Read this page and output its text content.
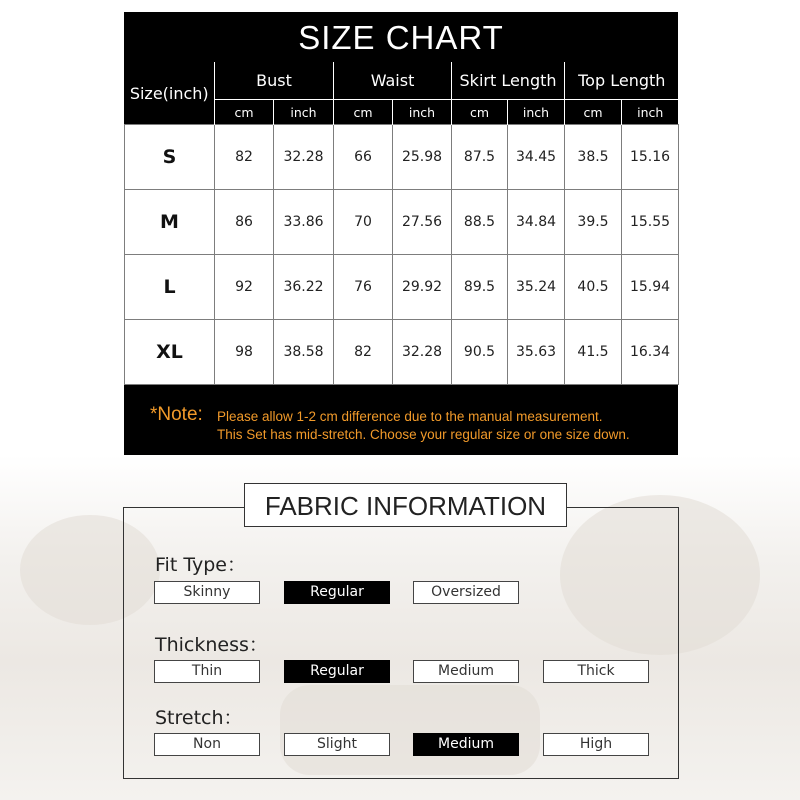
SIZE CHART
Size(inch)	Bust		Waist		Skirt Length		Top Length	
	cm	inch	cm	inch	cm	inch	cm	inch
S	82	32.28	66	25.98	87.5	34.45	38.5	15.16
M	86	33.86	70	27.56	88.5	34.84	39.5	15.55
L	92	36.22	76	29.92	89.5	35.24	40.5	15.94
XL	98	38.58	82	32.28	90.5	35.63	41.5	16.34
*Note: Please allow 1-2 cm difference due to the manual measurement.
This Set has mid-stretch. Choose your regular size or one size down.
FABRIC INFORMATION
Fit Type：
Skinny	Regular	Oversized
Thickness：
Thin	Regular	Medium	Thick
Stretch：
Non	Slight	Medium	High
